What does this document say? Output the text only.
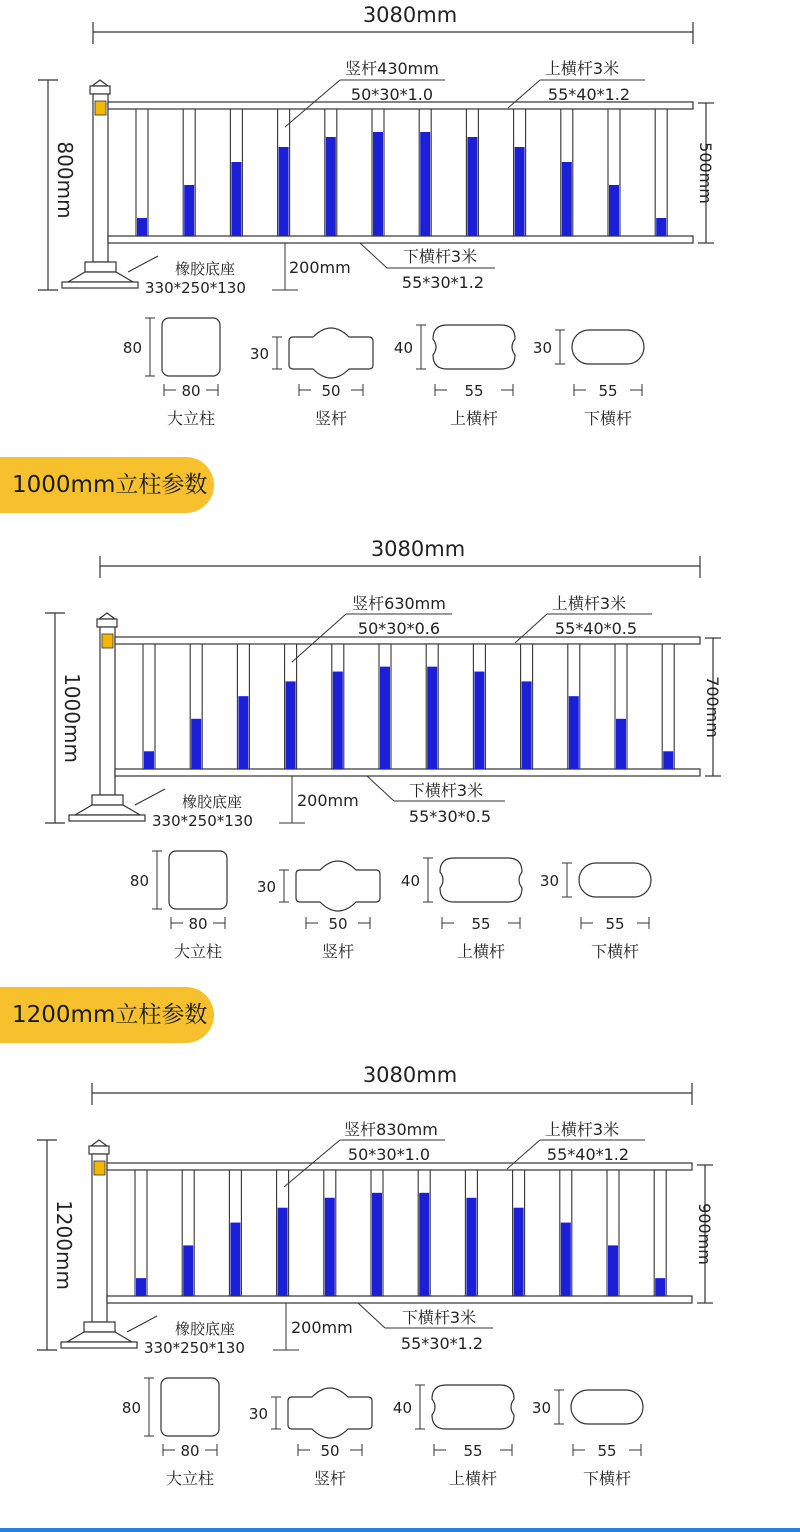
3080mm
800mm	500mm
竖杆430mm
50*30*1.0
上横杆3米
55*40*1.2
下横杆3米
55*30*1.2
200mm
橡胶底座
330*250*130
80
80
大立柱
30
50
竖杆
40
55
上横杆
30
55
下横杆
1000mm立柱参数
3080mm
1000mm	700mm
竖杆630mm
50*30*0.6
上横杆3米
55*40*0.5
下横杆3米
55*30*0.5
200mm
橡胶底座
330*250*130
80
80
大立柱
30
50
竖杆
40
55
上横杆
30
55
下横杆
1200mm立柱参数
3080mm
1200mm	900mm
竖杆830mm
50*30*1.0
上横杆3米
55*40*1.2
下横杆3米
55*30*1.2
200mm
橡胶底座
330*250*130
80
80
大立柱
30
50
竖杆
40
55
上横杆
30
55
下横杆
